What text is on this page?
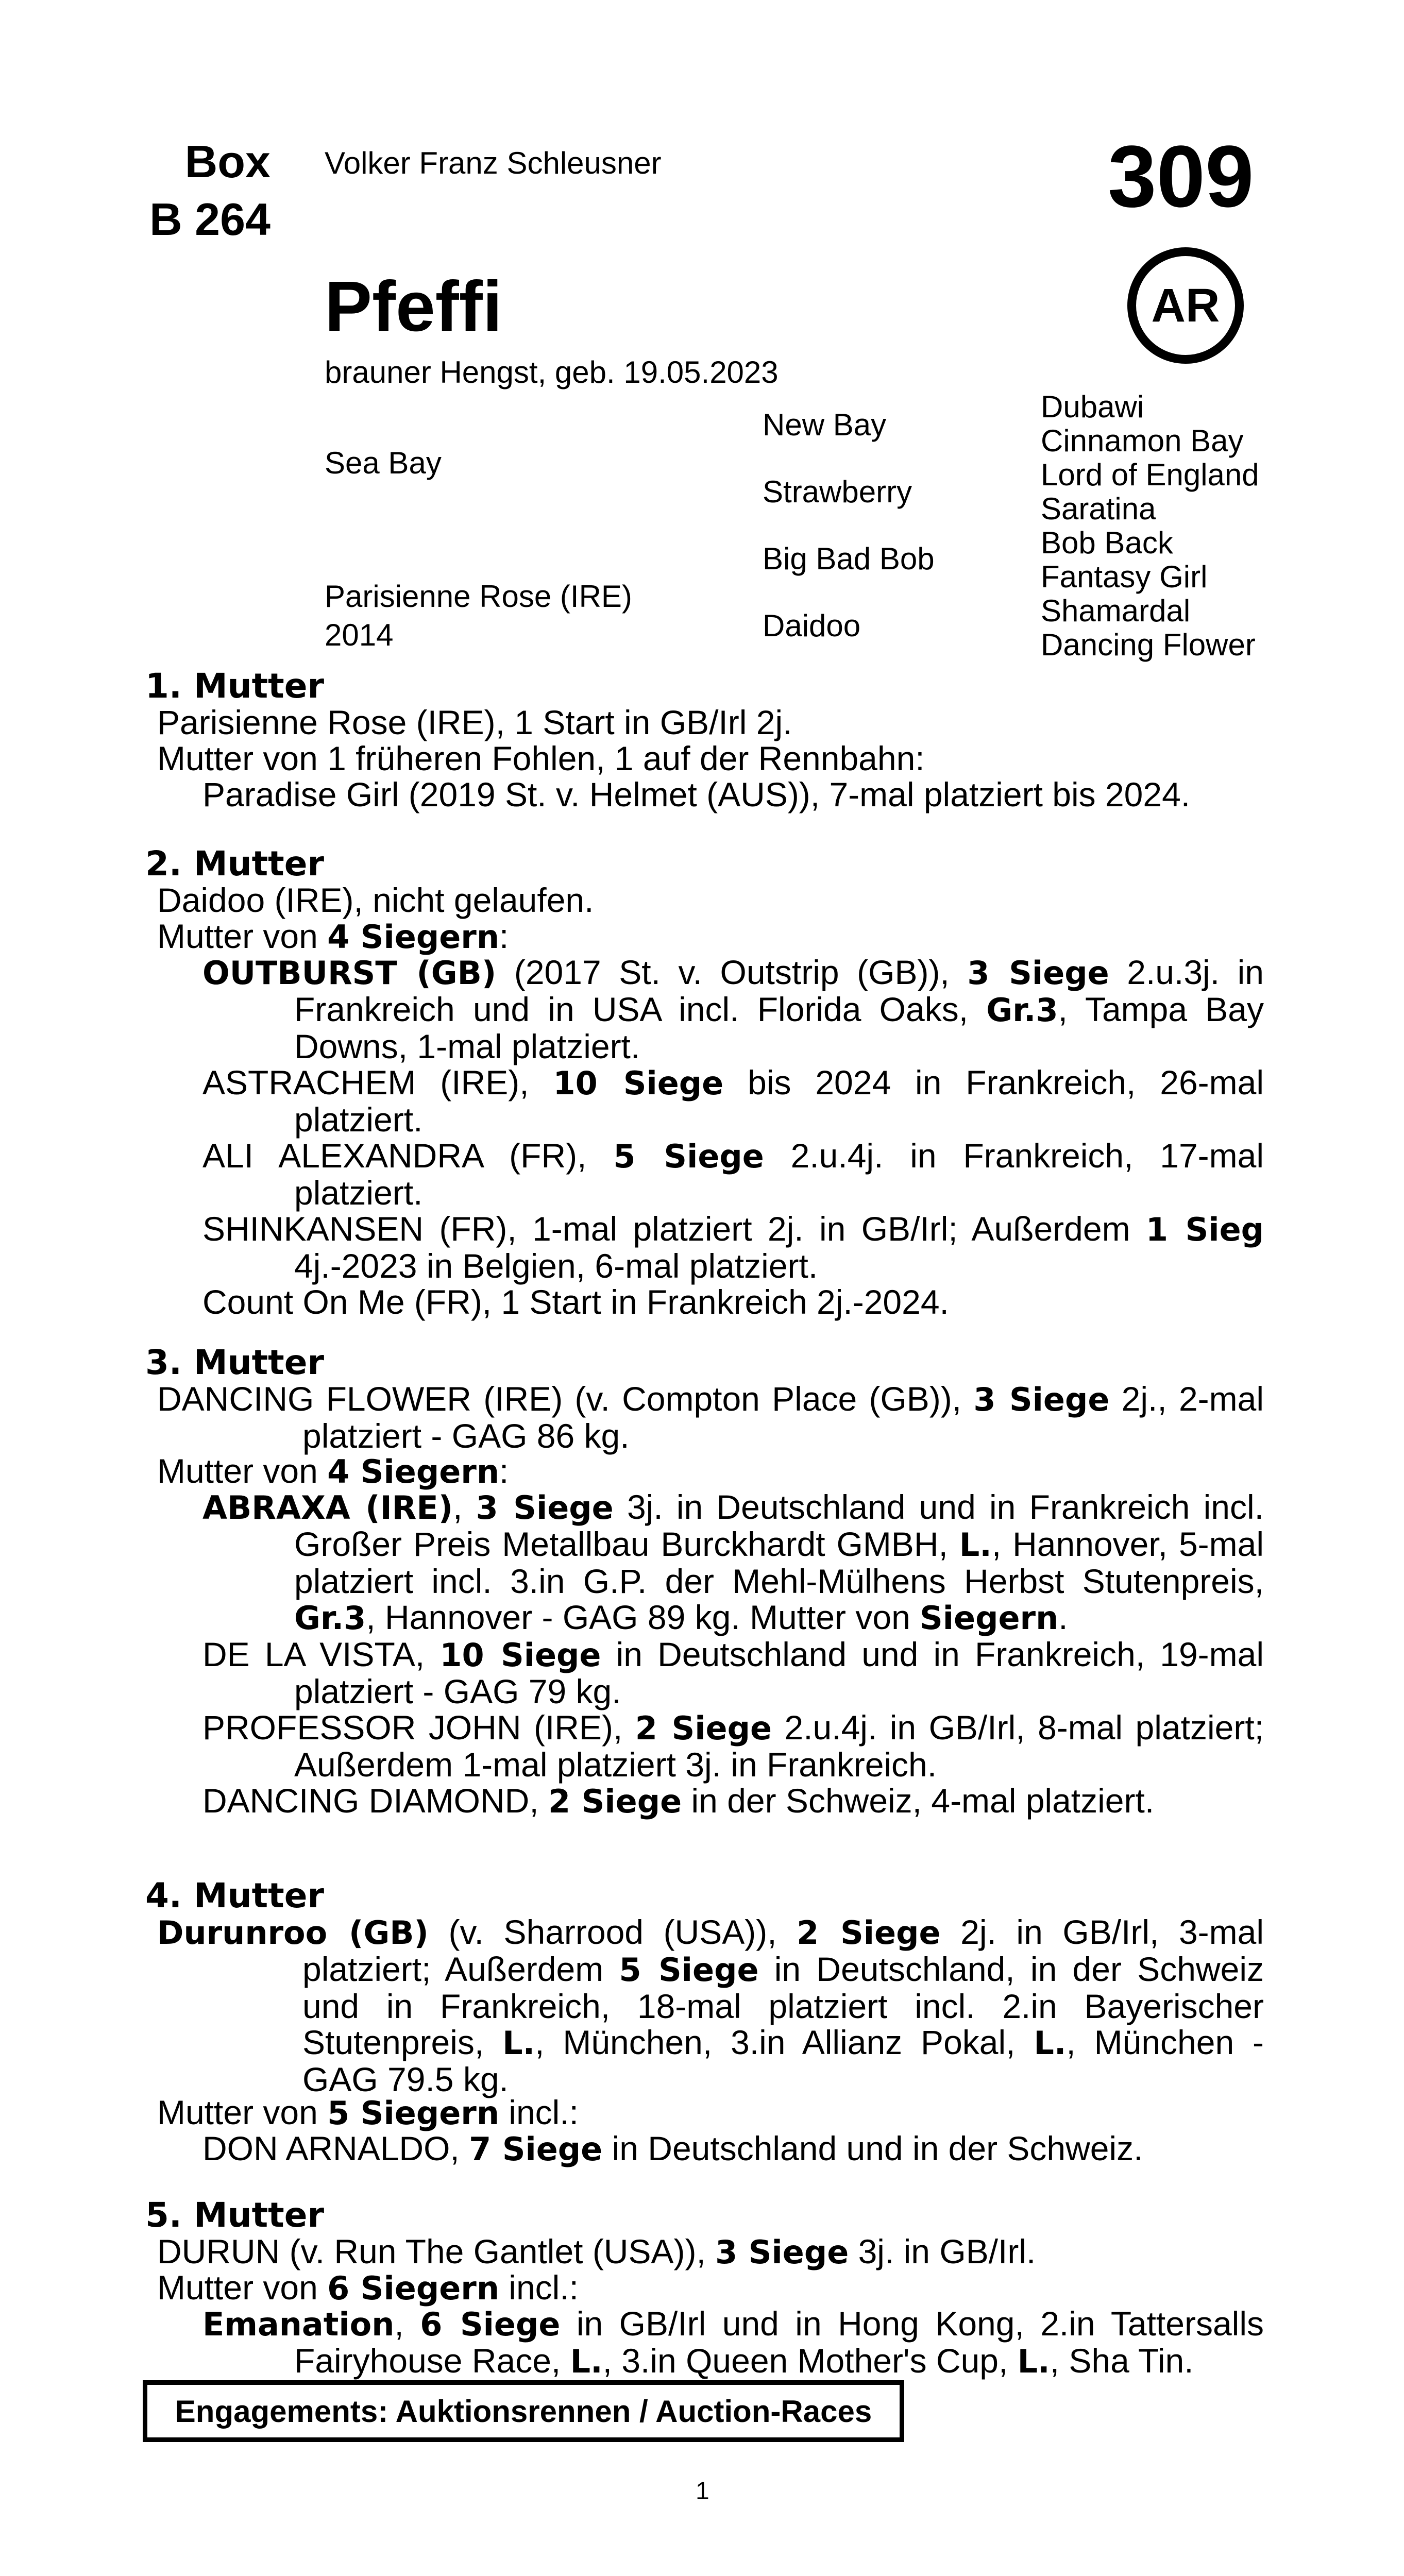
Box
B 264
Volker Franz Schleusner	309
AR
Pfeffi
brauner Hengst, geb. 19.05.2023
Sea Bay
Parisienne Rose (IRE)
2014
New Bay
Strawberry
Big Bad Bob
Daidoo
Dubawi
Cinnamon Bay
Lord of England
Saratina
Bob Back
Fantasy Girl
Shamardal
Dancing Flower
1. Mutter
Parisienne Rose (IRE), 1 Start in GB/Irl 2j.
Mutter von 1 früheren Fohlen, 1 auf der Rennbahn:
Paradise Girl (2019 St. v. Helmet (AUS)), 7-mal platziert bis 2024.
2. Mutter
Daidoo (IRE), nicht gelaufen.
Mutter von 4 Siegern:
OUTBURST (GB) (2017 St. v. Outstrip (GB)), 3 Siege 2.u.3j. in Frankreich und in USA incl. Florida Oaks, Gr.3, Tampa Bay Downs, 1-mal platziert.
ASTRACHEM (IRE), 10 Siege bis 2024 in Frankreich, 26-mal platziert.
ALI ALEXANDRA (FR), 5 Siege 2.u.4j. in Frankreich, 17-mal platziert.
SHINKANSEN (FR), 1-mal platziert 2j. in GB/Irl; Außerdem 1 Sieg 4j.-2023 in Belgien, 6-mal platziert.
Count On Me (FR), 1 Start in Frankreich 2j.-2024.
3. Mutter
DANCING FLOWER (IRE) (v. Compton Place (GB)), 3 Siege 2j., 2-mal platziert - GAG 86 kg.
Mutter von 4 Siegern:
ABRAXA (IRE), 3 Siege 3j. in Deutschland und in Frankreich incl. Großer Preis Metallbau Burckhardt GMBH, L., Hannover, 5-mal platziert incl. 3.in G.P. der Mehl-Mülhens Herbst Stutenpreis, Gr.3, Hannover - GAG 89 kg. Mutter von Siegern.
DE LA VISTA, 10 Siege in Deutschland und in Frankreich, 19-mal platziert - GAG 79 kg.
PROFESSOR JOHN (IRE), 2 Siege 2.u.4j. in GB/Irl, 8-mal platziert; Außerdem 1-mal platziert 3j. in Frankreich.
DANCING DIAMOND, 2 Siege in der Schweiz, 4-mal platziert.
4. Mutter
Durunroo (GB) (v. Sharrood (USA)), 2 Siege 2j. in GB/Irl, 3-mal platziert; Außerdem 5 Siege in Deutschland, in der Schweiz und in Frankreich, 18-mal platziert incl. 2.in Bayerischer Stutenpreis, L., München, 3.in Allianz Pokal, L., München - GAG 79.5 kg.
Mutter von 5 Siegern incl.:
DON ARNALDO, 7 Siege in Deutschland und in der Schweiz.
5. Mutter
DURUN (v. Run The Gantlet (USA)), 3 Siege 3j. in GB/Irl.
Mutter von 6 Siegern incl.:
Emanation, 6 Siege in GB/Irl und in Hong Kong, 2.in Tattersalls Fairyhouse Race, L., 3.in Queen Mother's Cup, L., Sha Tin.
Engagements: Auktionsrennen / Auction-Races
1
